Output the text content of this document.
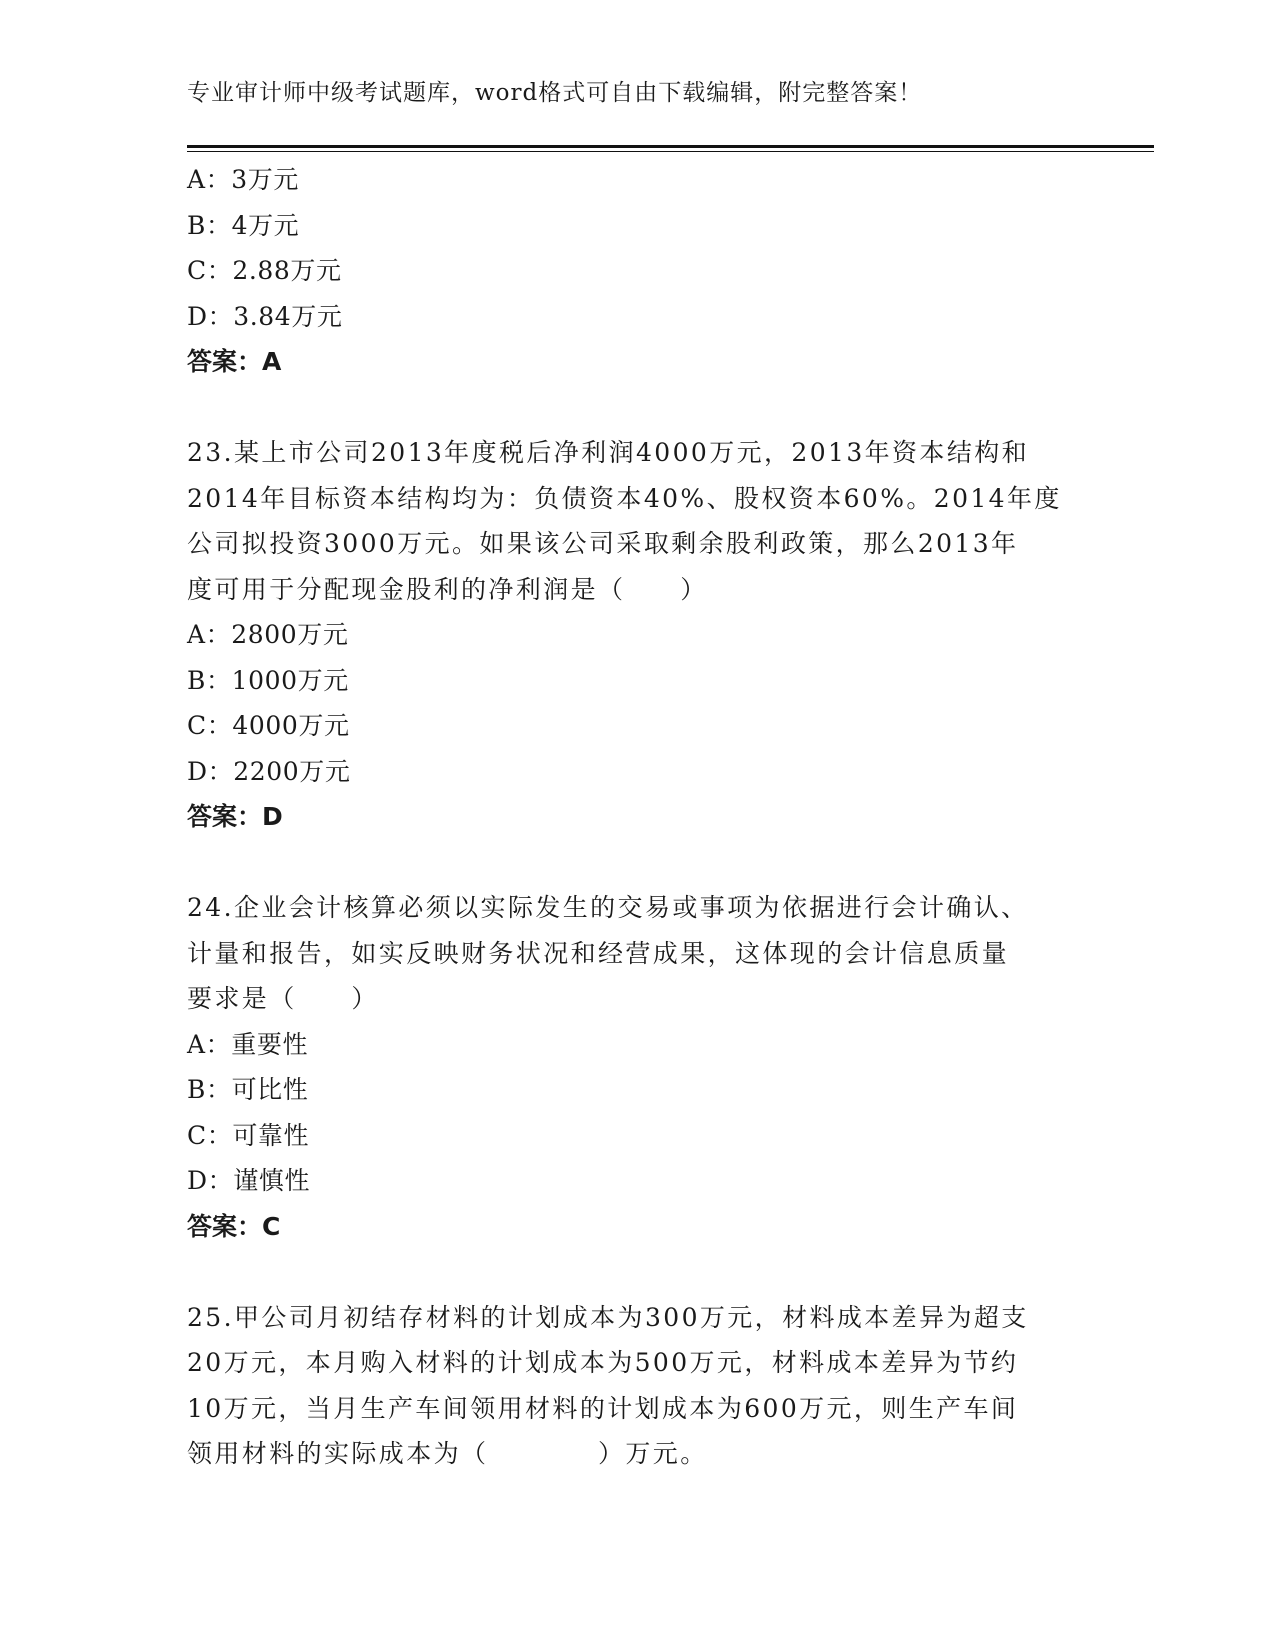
专业审计师中级考试题库，word格式可自由下载编辑，附完整答案！
A：3万元
B：4万元
C：2.88万元
D：3.84万元
答案：A
23.某上市公司2013年度税后净利润4000万元，2013年资本结构和
2014年目标资本结构均为：负债资本40%、股权资本60%。2014年度
公司拟投资3000万元。如果该公司采取剩余股利政策，那么2013年
度可用于分配现金股利的净利润是（　　）
A：2800万元
B：1000万元
C：4000万元
D：2200万元
答案：D
24.企业会计核算必须以实际发生的交易或事项为依据进行会计确认、
计量和报告，如实反映财务状况和经营成果，这体现的会计信息质量
要求是（　　）
A：重要性
B：可比性
C：可靠性
D：谨慎性
答案：C
25.甲公司月初结存材料的计划成本为300万元，材料成本差异为超支
20万元，本月购入材料的计划成本为500万元，材料成本差异为节约
10万元，当月生产车间领用材料的计划成本为600万元，则生产车间
领用材料的实际成本为（　　　　）万元。
